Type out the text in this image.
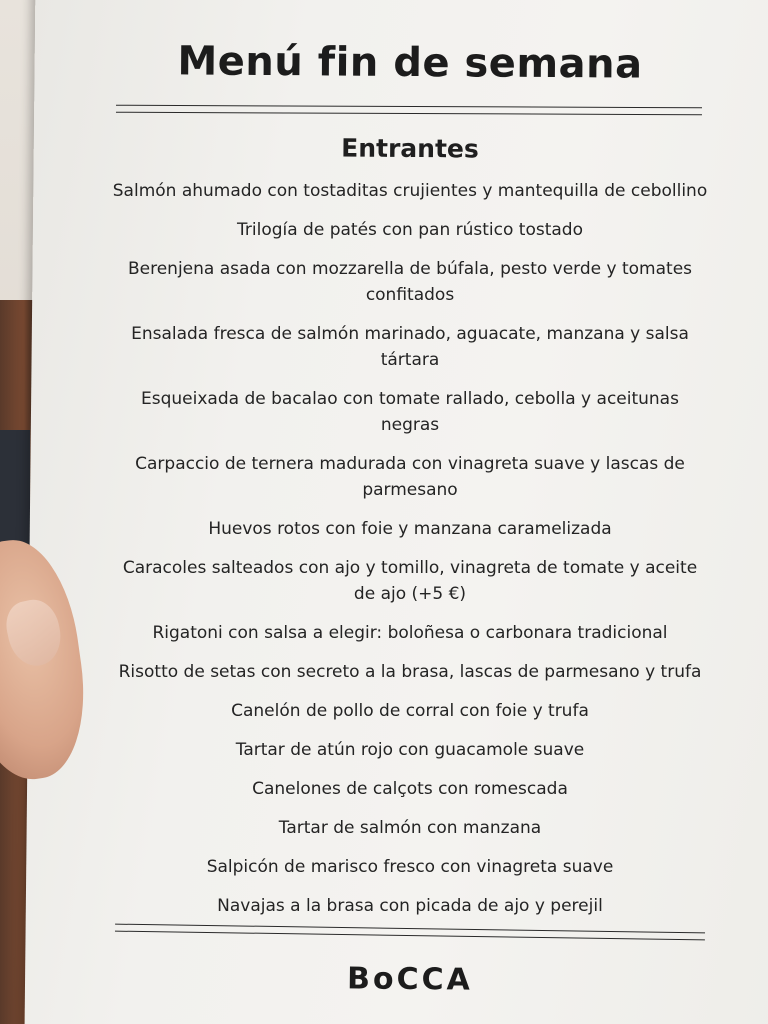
Menú fin de semana
Entrantes
Salmón ahumado con tostaditas crujientes y mantequilla de cebollino
Trilogía de patés con pan rústico tostado
Berenjena asada con mozzarella de búfala, pesto verde y tomates confitados
Ensalada fresca de salmón marinado, aguacate, manzana y salsa tártara
Esqueixada de bacalao con tomate rallado, cebolla y aceitunas negras
Carpaccio de ternera madurada con vinagreta suave y lascas de parmesano
Huevos rotos con foie y manzana caramelizada
Caracoles salteados con ajo y tomillo, vinagreta de tomate y aceite de ajo (+5 €)
Rigatoni con salsa a elegir: boloñesa o carbonara tradicional
Risotto de setas con secreto a la brasa, lascas de parmesano y trufa
Canelón de pollo de corral con foie y trufa
Tartar de atún rojo con guacamole suave
Canelones de calçots con romescada
Tartar de salmón con manzana
Salpicón de marisco fresco con vinagreta suave
Navajas a la brasa con picada de ajo y perejil
BoCCA
